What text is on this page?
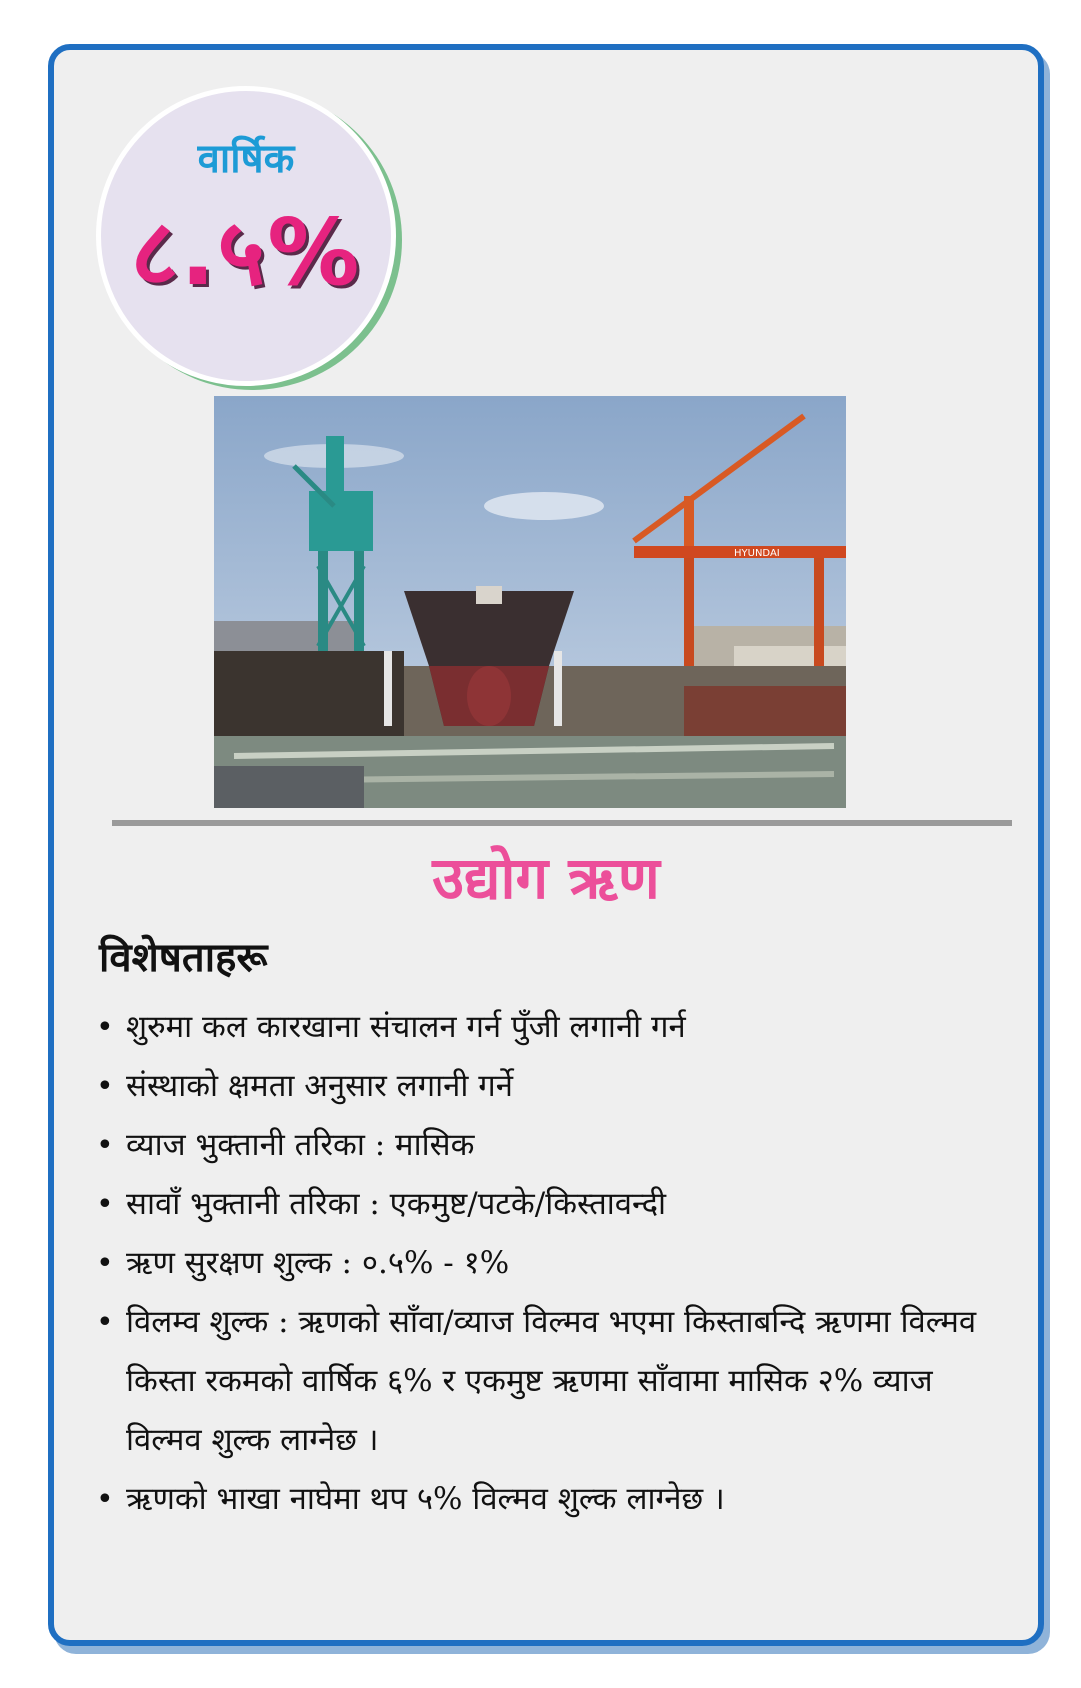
वार्षिक
८.५%
HYUNDAI
उद्योग ऋण
विशेषताहरू
• शुरुमा कल कारखाना संचालन गर्न पुँजी लगानी गर्न
• संस्थाको क्षमता अनुसार लगानी गर्ने
• व्याज भुक्तानी तरिका : मासिक
• सावाँ भुक्तानी तरिका : एकमुष्ट/पटके/किस्तावन्दी
• ऋण सुरक्षण शुल्क : ०.५% - १%
• विलम्व शुल्क : ऋणको साँवा/व्याज विल्मव भएमा किस्ताबन्दि ऋणमा विल्मव किस्ता रकमको वार्षिक ६% र एकमुष्ट ऋणमा साँवामा मासिक २% व्याज विल्मव शुल्क लाग्नेछ ।
• ऋणको भाखा नाघेमा थप ५% विल्मव शुल्क लाग्नेछ ।
